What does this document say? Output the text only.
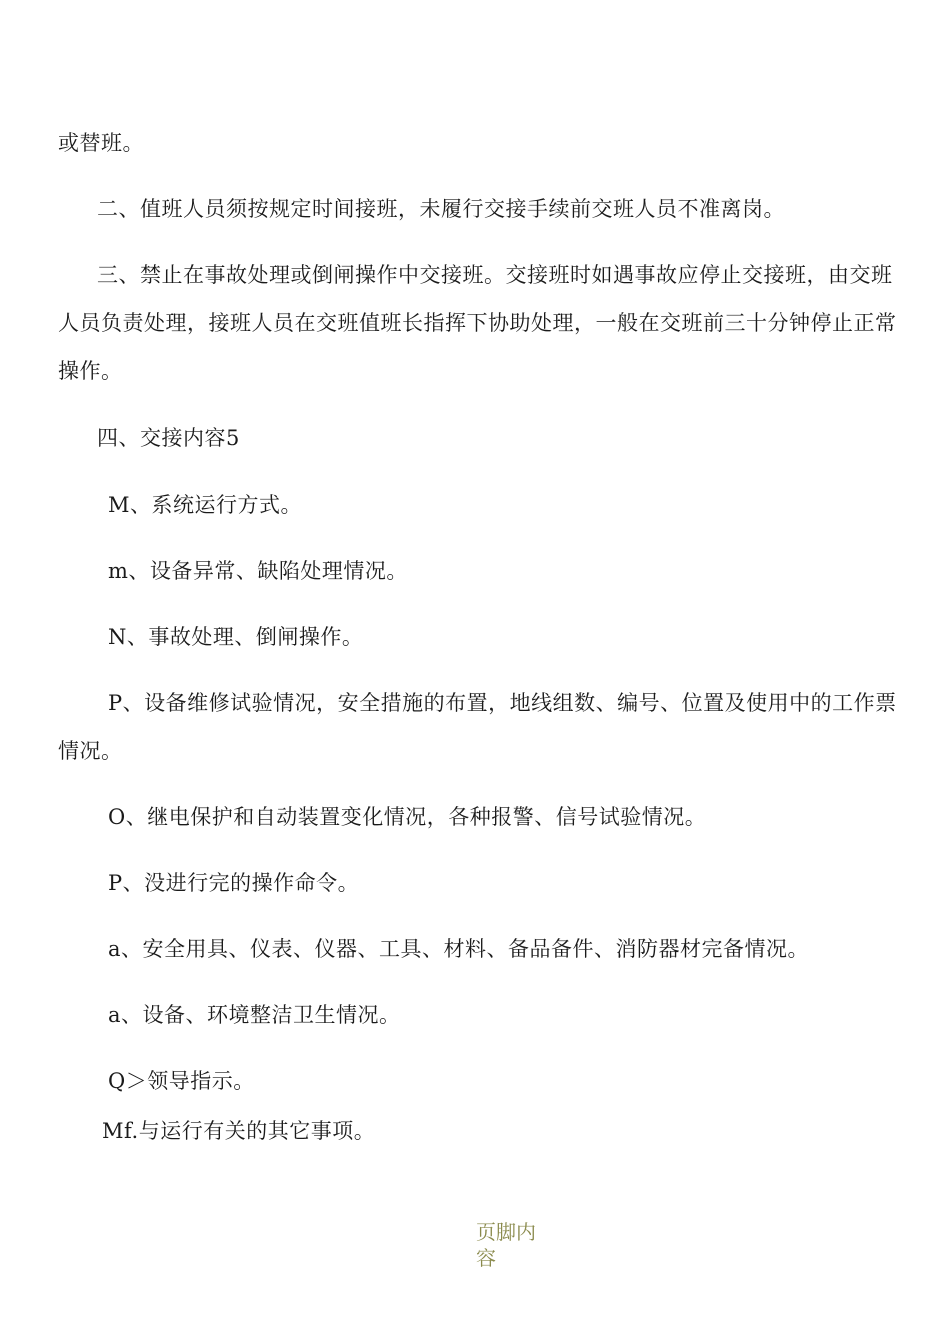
或替班。

二、值班人员须按规定时间接班，未履行交接手续前交班人员不准离岗。

三、禁止在事故处理或倒闸操作中交接班。交接班时如遇事故应停止交接班，由交班人员负责处理，接班人员在交班值班长指挥下协助处理，一般在交班前三十分钟停止正常操作。

四、交接内容5

M、系统运行方式。

m、设备异常、缺陷处理情况。

N、事故处理、倒闸操作。

P、设备维修试验情况，安全措施的布置，地线组数、编号、位置及使用中的工作票情况。

O、继电保护和自动装置变化情况，各种报警、信号试验情况。

P、没进行完的操作命令。

a、安全用具、仪表、仪器、工具、材料、备品备件、消防器材完备情况。

a、设备、环境整洁卫生情况。

Q＞领导指示。

Mf.与运行有关的其它事项。

页脚内容
